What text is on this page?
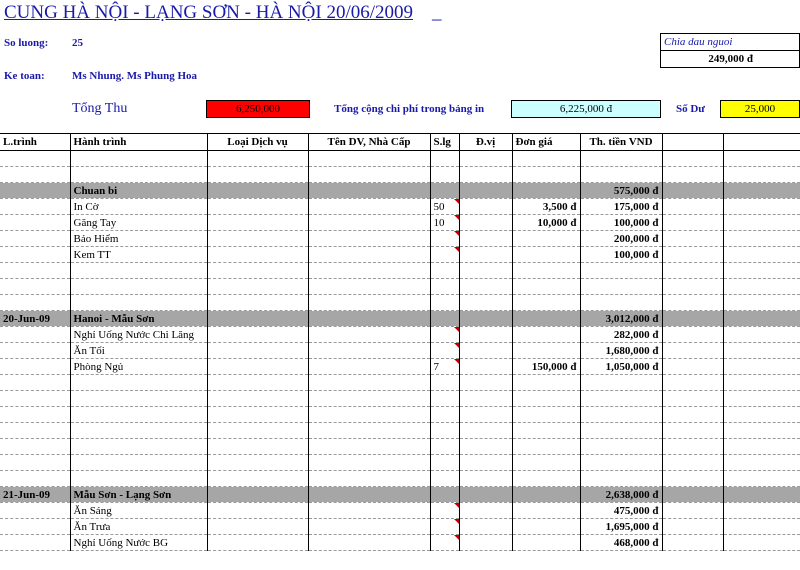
CUNG HÀ NỘI - LẠNG SƠN - HÀ NỘI 20/06/2009 _
So luong: 25
Ke toan: Ms Nhung. Ms Phung Hoa
Chia dau nguoi
249,000 đ
Tổng Thu	6,250,000	Tổng cộng chi phí trong bảng in	6,225,000 đ	Số Dư	25,000
L.trình	Hành trình	Loại Dịch vụ	Tên DV, Nhà Cấp	S.lg	Đ.vị	Đơn giá	Th. tiền VND		

	Chuan bi						575,000 đ		
	In Cờ			50		3,500 đ	175,000 đ		
	Găng Tay			10		10,000 đ	100,000 đ		
	Bảo Hiểm						200,000 đ		
	Kem TT						100,000 đ		

20-Jun-09	Hanoi - Mẫu Sơn						3,012,000 đ		
	Nghỉ Uống Nước Chi Lăng						282,000 đ		
	Ăn Tối						1,680,000 đ		
	Phòng Ngủ			7		150,000 đ	1,050,000 đ		

21-Jun-09	Mẫu Sơn - Lạng Sơn						2,638,000 đ		
	Ăn Sáng						475,000 đ		
	Ăn Trưa						1,695,000 đ		
	Nghỉ Uống Nước BG						468,000 đ		
